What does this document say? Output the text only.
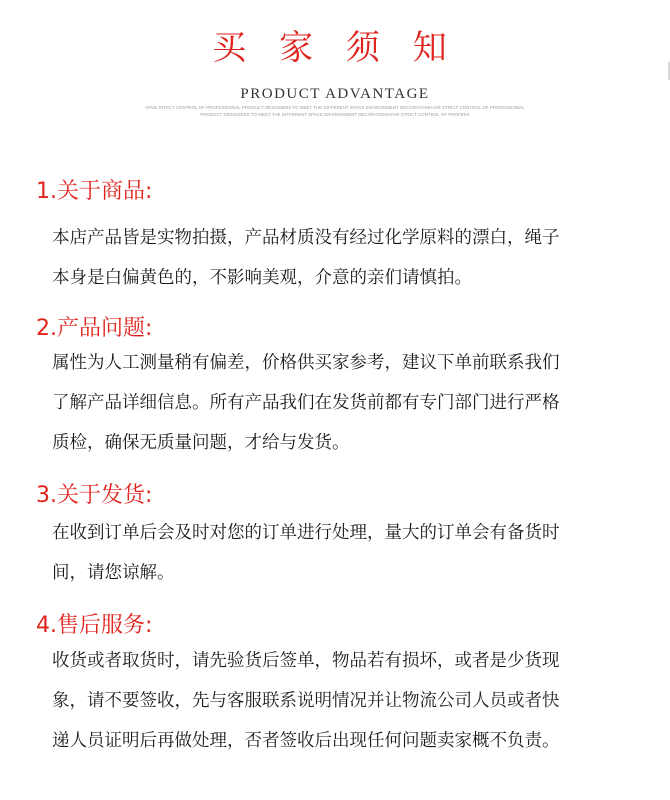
买 家 须 知
PRODUCT ADVANTAGE
HAVE STRICT CONTROL OF PROFESSIONAL PRODUCT DESIGNERS TO MEET THE DIFFERENT SPACE ENVIRONMENT DECORATIONHAVE STRICT CONTROL OF PROFESSIONAL
PRODUCT DESIGNERS TO MEET THE DIFFERENT SPACE ENVIRONMENT DECORATIONHAVE STRICT CONTROL OF PROFESS
1.关于商品:
本店产品皆是实物拍摄，产品材质没有经过化学原料的漂白，绳子
本身是白偏黄色的，不影响美观，介意的亲们请慎拍。
2.产品问题:
属性为人工测量稍有偏差，价格供买家参考，建议下单前联系我们
了解产品详细信息。所有产品我们在发货前都有专门部门进行严格
质检，确保无质量问题，才给与发货。
3.关于发货:
在收到订单后会及时对您的订单进行处理，量大的订单会有备货时
间，请您谅解。
4.售后服务:
收货或者取货时，请先验货后签单，物品若有损坏，或者是少货现
象，请不要签收，先与客服联系说明情况并让物流公司人员或者快
递人员证明后再做处理，否者签收后出现任何问题卖家概不负责。
